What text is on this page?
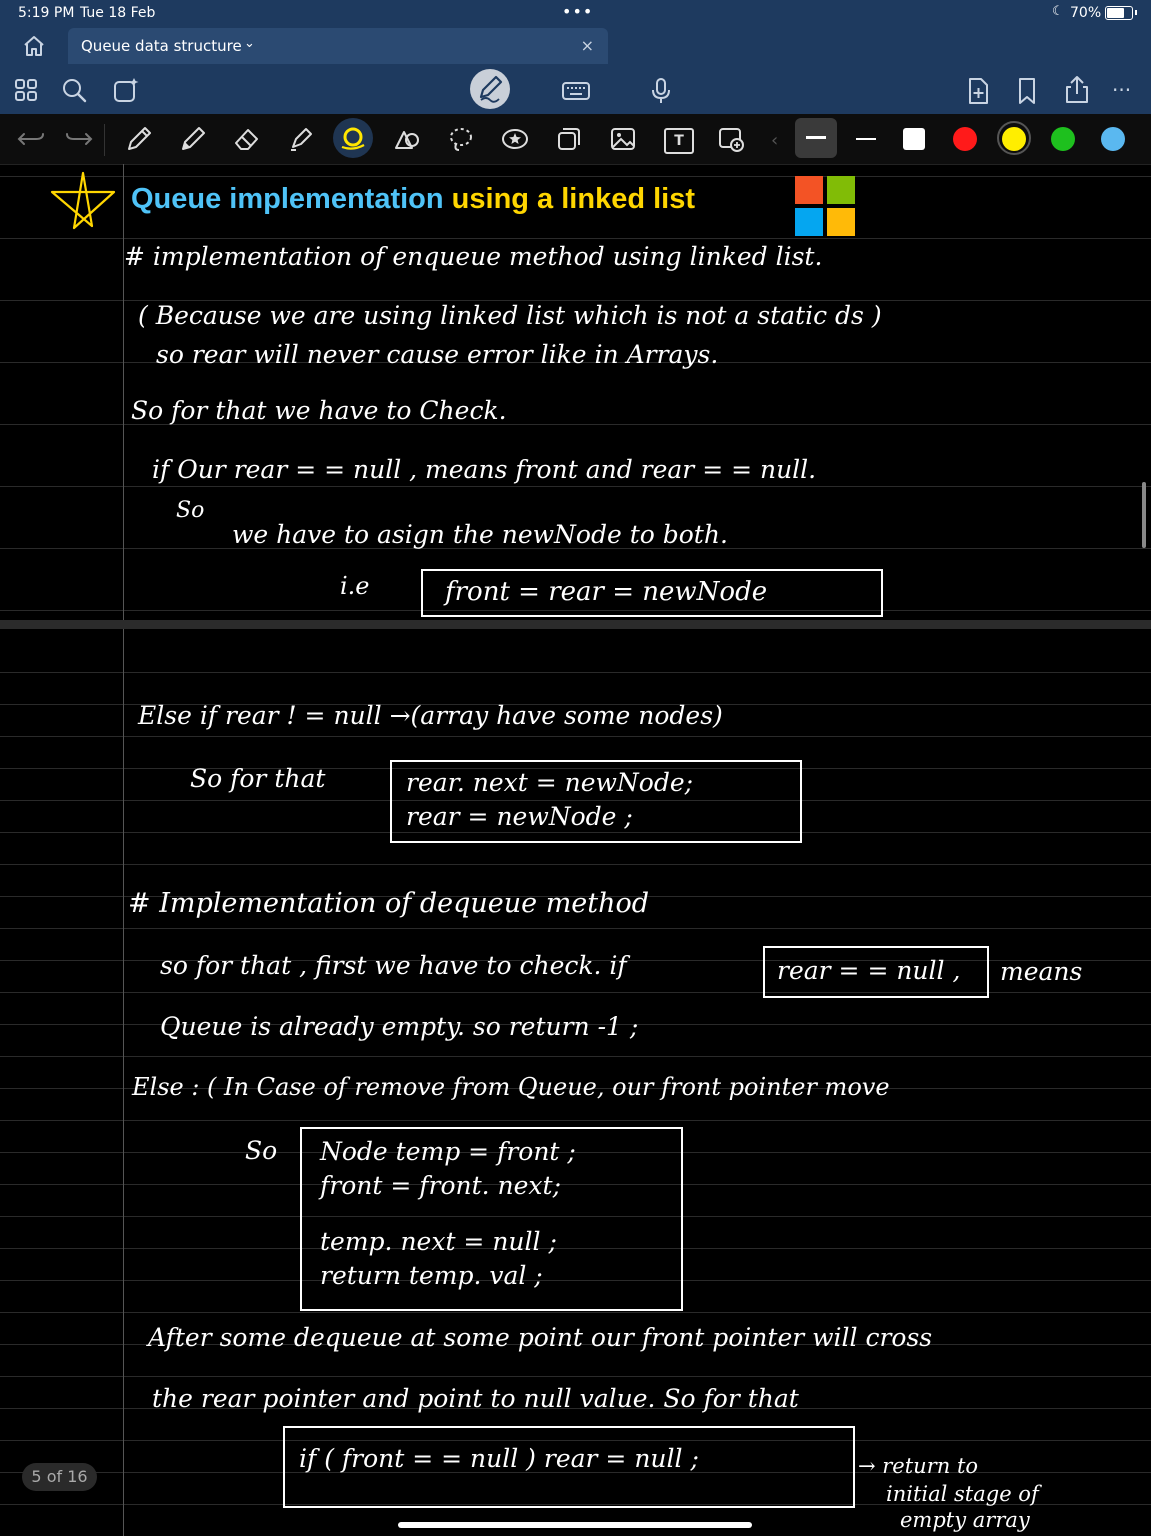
5:19 PM Tue 18 Feb	•••	☾ 70%
Queue data structure ⌄	×
···
T	‹
Queue implementation using a linked list
# implementation of enqueue method using linked list.
( Because we are using linked list which is not a static ds )
so rear will never cause error like in Arrays.
So for that we have to Check.
if Our rear = = null , means front and rear = = null.
So
we have to asign the newNode to both.
i.e	front = rear = newNode
Else if rear ! = null →(array have some nodes)
So for that	rear. next = newNode;
rear = newNode ;
# Implementation of dequeue method
so for that , first we have to check. if	rear = = null , means
Queue is already empty. so return -1 ;
Else : ( In Case of remove from Queue, our front pointer move
So Node temp = front ;
front = front. next;
temp. next = null ;
return temp. val ;
After some dequeue at some point our front pointer will cross
the rear pointer and point to null value. So for that
if ( front = = null ) rear = null ;	→ return to
initial stage of
empty array
5 of 16
